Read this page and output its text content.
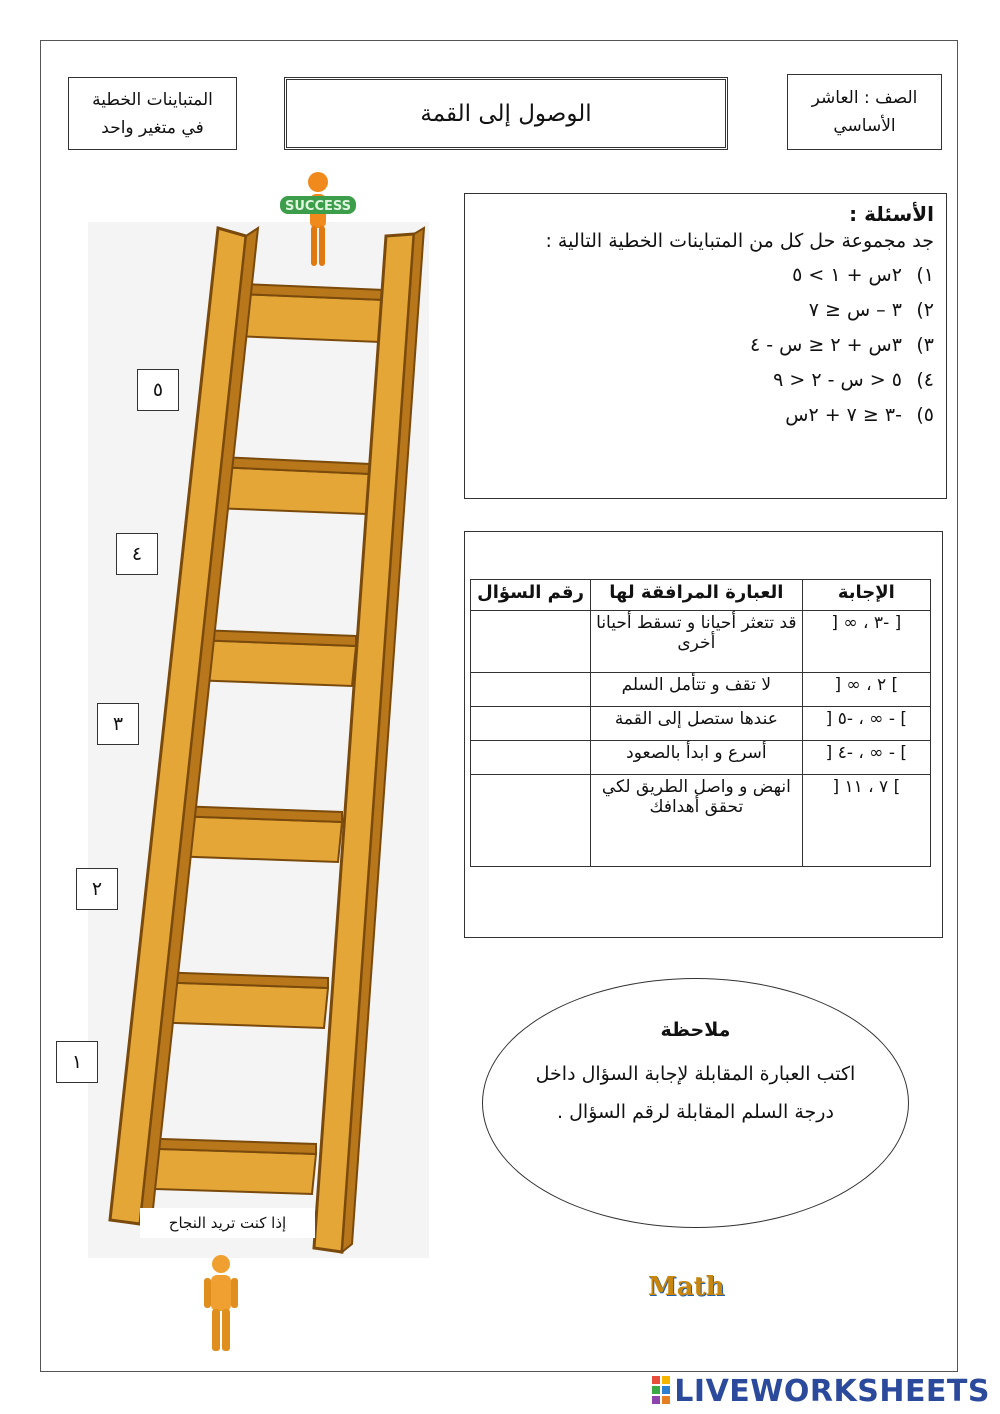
المتباينات الخطية
في متغير واحد
الوصول إلى القمة
الصف : العاشر
الأساسي
SUCCESS
٥
٤
٣
٢
١
إذا كنت تريد النجاح
الأسئلة :
جد مجموعة حل كل من المتباينات الخطية التالية :
١) ٢س + ١ > ٥
٢) ٣ – س ≤ ٧
٣) ٣س + ٢ ≤ س - ٤
٤) ٥ < س - ٢ < ٩
٥) -٣ ≤ ٧ + ٢س
الإجابة	العبارة المرافقة لها	رقم السؤال
[ -٣ ، ∞ [	قد تتعثر أحيانا و تسقط أحيانا أخرى	
] ٢ ، ∞ [	لا تقف و تتأمل السلم	
] - ∞ ، -٥ [	عندها ستصل إلى القمة	
] - ∞ ، -٤ [	أسرع و ابدأ بالصعود	
] ٧ ، ١١ [	انهض و واصل الطريق لكي تحقق أهدافك	
ملاحظة
اكتب العبارة المقابلة لإجابة السؤال داخل درجة السلم المقابلة لرقم السؤال .
Math
LIVEWORKSHEETS
